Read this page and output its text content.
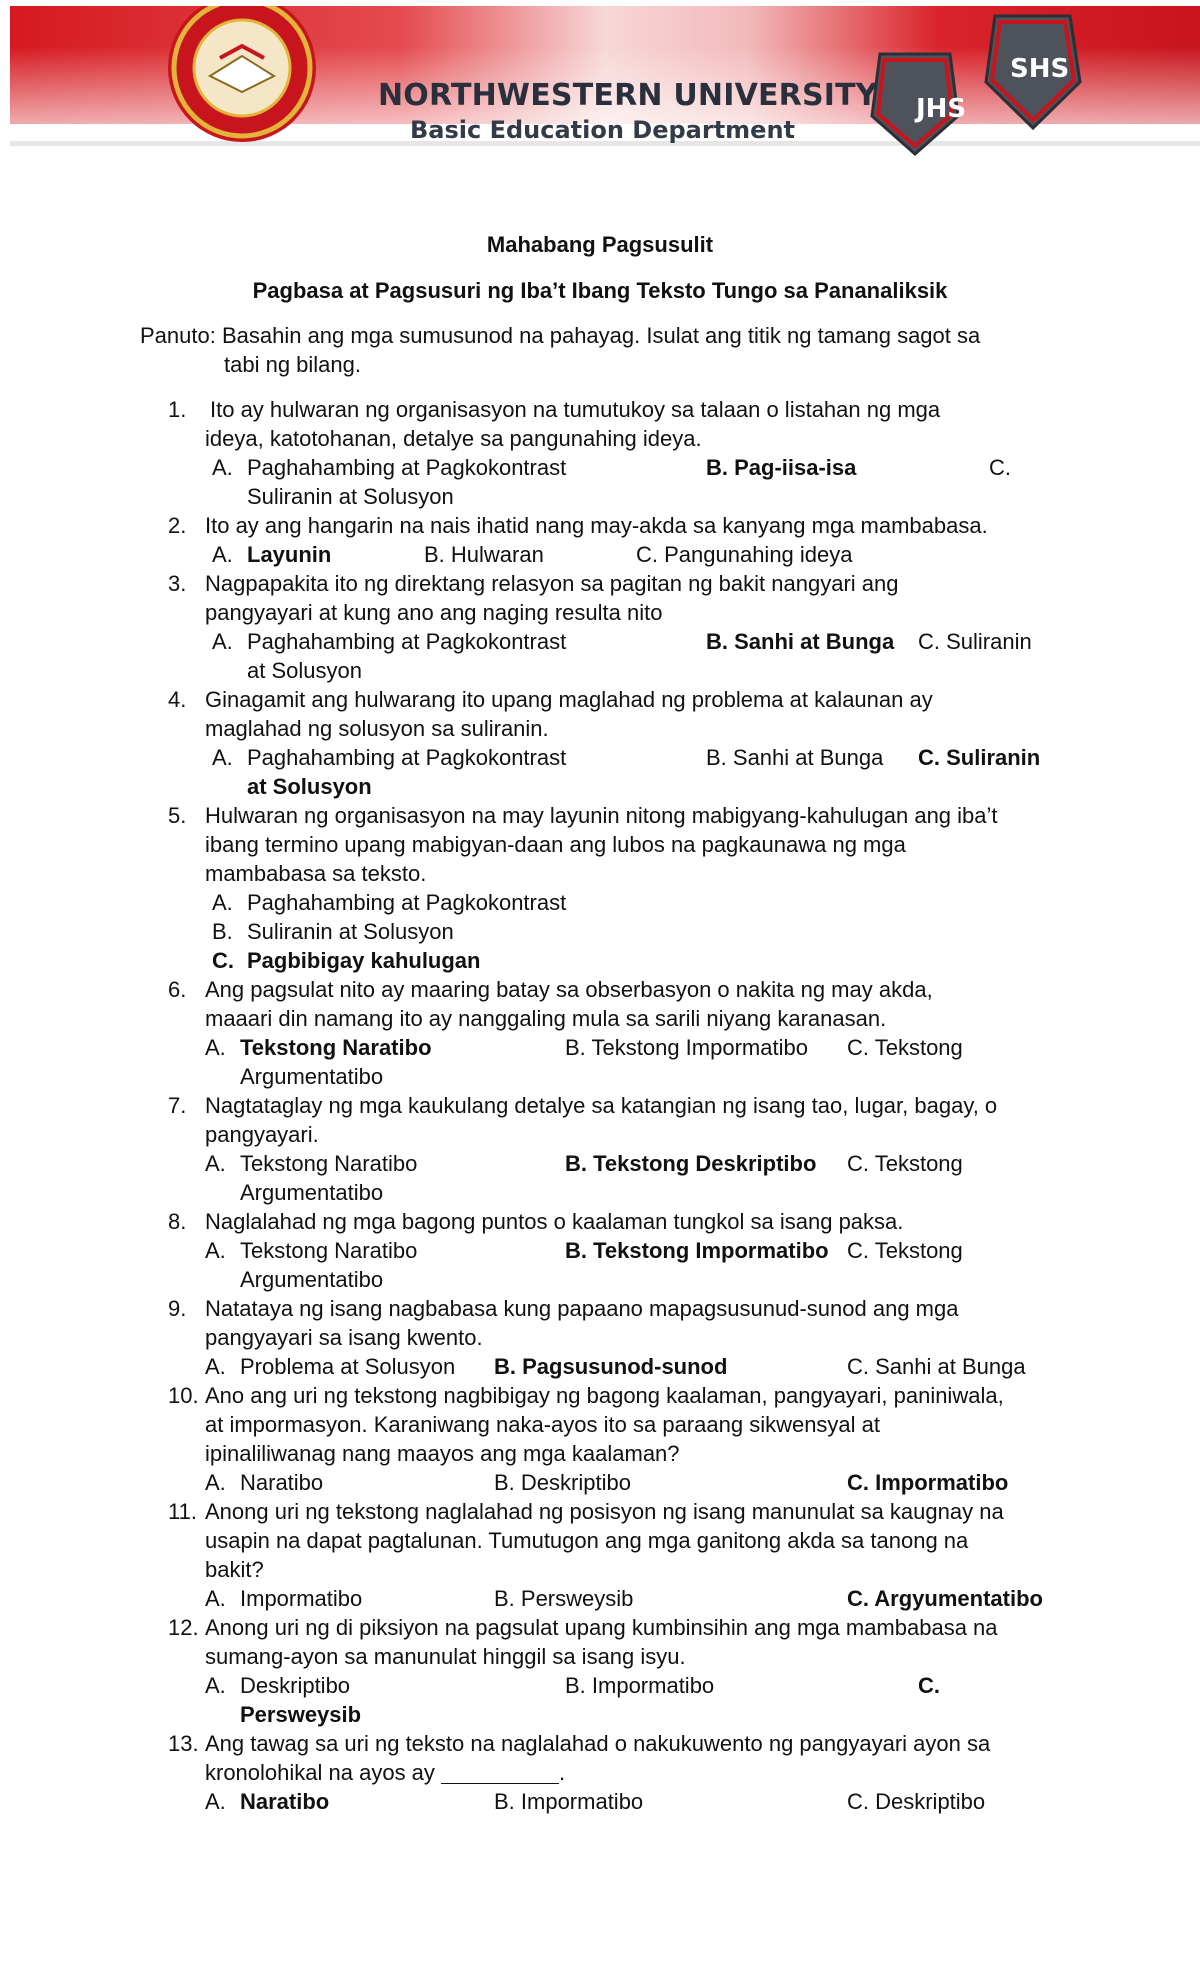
JHS
SHS
NORTHWESTERN UNIVERSITY
Basic Education Department
Mahabang Pagsusulit
Pagbasa at Pagsusuri ng Iba’t Ibang Teksto Tungo sa Pananaliksik
Panuto: Basahin ang mga sumusunod na pahayag. Isulat ang titik ng tamang sagot sa
tabi ng bilang.
1. Ito ay hulwaran ng organisasyon na tumutukoy sa talaan o listahan ng mga
ideya, katotohanan, detalye sa pangunahing ideya.
A. Paghahambing at Pagkokontrast	B. Pag-iisa-isa	C.
Suliranin at Solusyon
2. Ito ay ang hangarin na nais ihatid nang may-akda sa kanyang mga mambabasa.
A. Layunin	B. Hulwaran	C. Pangunahing ideya
3. Nagpapakita ito ng direktang relasyon sa pagitan ng bakit nangyari ang
pangyayari at kung ano ang naging resulta nito
A. Paghahambing at Pagkokontrast	B. Sanhi at Bunga C. Suliranin
at Solusyon
4. Ginagamit ang hulwarang ito upang maglahad ng problema at kalaunan ay
maglahad ng solusyon sa suliranin.
A. Paghahambing at Pagkokontrast	B. Sanhi at Bunga C. Suliranin
at Solusyon
5. Hulwaran ng organisasyon na may layunin nitong mabigyang-kahulugan ang iba’t
ibang termino upang mabigyan-daan ang lubos na pagkaunawa ng mga
mambabasa sa teksto.
A. Paghahambing at Pagkokontrast
B. Suliranin at Solusyon
C. Pagbibigay kahulugan
6. Ang pagsulat nito ay maaring batay sa obserbasyon o nakita ng may akda,
maaari din namang ito ay nanggaling mula sa sarili niyang karanasan.
A. Tekstong Naratibo	B. Tekstong Impormatibo C. Tekstong
Argumentatibo
7. Nagtataglay ng mga kaukulang detalye sa katangian ng isang tao, lugar, bagay, o
pangyayari.
A. Tekstong Naratibo	B. Tekstong Deskriptibo C. Tekstong
Argumentatibo
8. Naglalahad ng mga bagong puntos o kaalaman tungkol sa isang paksa.
A. Tekstong Naratibo	B. Tekstong Impormatibo C. Tekstong
Argumentatibo
9. Natataya ng isang nagbabasa kung papaano mapagsusunud-sunod ang mga
pangyayari sa isang kwento.
A. Problema at Solusyon B. Pagsusunod-sunod	C. Sanhi at Bunga
10. Ano ang uri ng tekstong nagbibigay ng bagong kaalaman, pangyayari, paniniwala,
at impormasyon. Karaniwang naka-ayos ito sa paraang sikwensyal at
ipinaliliwanag nang maayos ang mga kaalaman?
A. Naratibo	B. Deskriptibo	C. Impormatibo
11. Anong uri ng tekstong naglalahad ng posisyon ng isang manunulat sa kaugnay na
usapin na dapat pagtalunan. Tumutugon ang mga ganitong akda sa tanong na
bakit?
A. Impormatibo	B. Persweysib	C. Argyumentatibo
12. Anong uri ng di piksiyon na pagsulat upang kumbinsihin ang mga mambabasa na
sumang-ayon sa manunulat hinggil sa isang isyu.
A. Deskriptibo	B. Impormatibo	C.
Persweysib
13. Ang tawag sa uri ng teksto na naglalahad o nakukuwento ng pangyayari ayon sa
kronolohikal na ayos ay	.
A. Naratibo	B. Impormatibo	C. Deskriptibo
